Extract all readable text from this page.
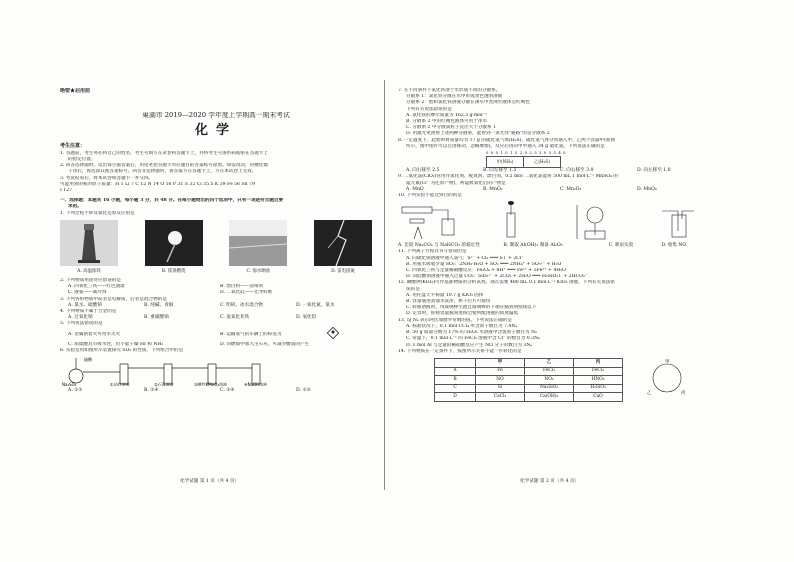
绝密★启用前
巢湖市 2019—2020 学年度上学期高一期末考试
化学
考生注意：
1. 答题前，考生务必将自己的姓名、考生号填写在试卷和答题卡上，并将考生号条形码粘贴在答题卡上
的指定位置。
2. 回答选择题时，选出每小题答案后，用铅笔把答题卡对应题目的答案标号涂黑。如需改动，用橡皮擦
干净后，再选涂其他答案标号。回答非选择题时，将答案写在答题卡上，写在本试卷上无效。
3. 考试结束后，将本试卷和答题卡一并交回。
可能用到的相对原子质量：H 1 Li 7 C 12 N 14 O 16 P 31 S 32 Cl 35.5 K 39 Fe 56 Sn 79
I 127
一、选择题：本题共 16 小题，每小题 3 分，共 48 分。在每小题给出的四个选项中，只有一项是符合题目要
求的。
1. 下列过程不涉及氧化还原反应的是
A. 高温炼铁	B. 镁条燃烧	C. 海水晒盐	D. 雷电固氮
2. 下列物质用途对应错误的是
A. 四氧化三铁——红色油漆	B. 漂白粉——消毒剂
C. 液氨——制冷剂	D. 二氧化硅——光导纤维
3. 下列各组物质中前者是电解质，后者是混合物的是
A. 氯水、硫酸钠	B. 纯碱、青铜	C. 明矾、冰水混合物	D. 一氧化氮、氯水
4. 下列物质不属于合金的是
A. 过氧化钠	B. 重碳酸钠	C. 氢氧化亚铁	D. 氧化铝
5. 下列说法错误的是
A. 金属钠着火可用水灭火	B. 运输氯气的车辆上的标签为
C. 浓硫酸具有吸水性，但不能干燥 HI 和 NH₃	D. 向燃煤中加入生石灰，可减少酸雨的产生
6. 实验室用如图所示装置探究 SO₂ 的性质，下列组合中的是
硫酸
Na₂SO₃	①品红溶液	②石蕊溶液	③酸性KMnO₄溶液	④NaOH溶液
A. ①②	B. ②④	C. ③④	D. ②③
化学试题 第 1 页（共 4 页）
7. 在不同条件下氯化铁溶于水形成不同的分散系。
分散系 1：氯化铁分散在水中形成黄色透明溶液
分散系 2：饱和氯化铁溶液分散在沸水中煮沸至液体呈红褐色
下列有关说法错误的是
A. 氯化铁的摩尔质量为 162.5 g·mol⁻¹
B. 分散系 2 中的红褐色液体可用于净水
C. 分散系 2 中分散质粒子直径大于分散系 1
D. 用激光笔照射上述两种分散系，能看到一条光亮"通路"的是分散系 2
8. 一定温度下，起始时将质量均为 17 g 的硫化氢气体(H₂S)、硫化氢气体分别通入甲、乙两个容器中(如图
所示，图中指针可以自由移动，忽略摩擦)，反应后再向甲中通入 34 g 硫化氢。下列说法正确的是
0 0.5 1.0 1.5 2.0 2.5 3.0 3.5 4.0
甲(NH₃)	乙(H₂S)
A. 向右移至 2.5	B. 向左移至 1.5	C. 向右移至 3.0	D. 向左移至 1.0
9. 二氧化氯(ClO₂)常用作氧化剂、脱臭剂、漂白剂。0.2 mol 二氧化氯能将 500 mL 1 mol·L⁻¹ MnSO₄ 的
锰元素(Cl⁻ 为还原产物)，则锰被氧化后的产物是
A. MnO	B. MnO₂	C. Mn₂O₃	D. MnO₄
10. 下列实验不能达到目的的是
A. 比较 Na₂CO₃ 与 NaHCO₃ 的稳定性	B. 制取 Al(OH)₃ 制备 Al₂O₃	C. 喷泉实验	D. 收集 NO
11. 下列离子方程式书写错误的是
A. 向硫化钠溶液中通入氯气：S²⁻ + Cl₂ ═══ S↓ + 2Cl⁻
B. 用氨水吸收少量 SO₂：2NH₃·H₂O + SO₂ ═══ 2NH₄⁺ + SO₃²⁻ + H₂O
C. 四氧化三铁与足量稀硝酸反应：Fe₃O₄ + 8H⁺ ═══ Fe²⁺ + 2Fe³⁺ + 4H₂O
D. 向硅酸钠溶液中通入过量 CO₂：SiO₃²⁻ + 2CO₂ + 2H₂O ═══ H₂SiO₃↓ + 2HCO₃⁻
12. 碘酸钾(KIO₃)可作基准物质的分析试剂。现在需要 480 mL 0.1 mol·L⁻¹ KIO₃ 溶液，下列有关说法错
误的是
A. 用托盘天平称量 10.7 g KIO₃ 固体
B. 容量瓶用蒸馏水洗净，烘干后方可使用
C. 转移溶液时，用玻璃棒引流且玻璃棒的下端应插到刻度线以下
D. 定容时，仰视容量瓶刻度线会使所配溶液的浓度偏低
13. 设 Nₐ 表示阿伏加德罗常数的值。下列说法正确的是
A. 标准状况下，0.1 mol CCl₄ 所含原子数目为 7.4Nₐ
B. 50 g 质量分数为 17% 的 H₂O₂ 水溶液中含氢原子数目为 Nₐ
C. 常温下，0.1 mol·L⁻¹ 的 FeCl₃ 溶液中含 Cl⁻ 的数目为 0.3Nₐ
D. 1 mol Al 与足量的稀硝酸反应产生 NO 分子的数目为 3Nₐ
14. 下列物质在一定条件下，按图所示关系不能一步转化的是
	甲	乙	丙
A	Fe	FeCl₃	FeCl₂
B	NO	NO₂	HNO₃
C	Si	Na₂SiO₃	H₂SiO₃
D	CaCl₂	Ca(OH)₂	CaO
甲
乙	丙
化学试题 第 2 页（共 4 页）
